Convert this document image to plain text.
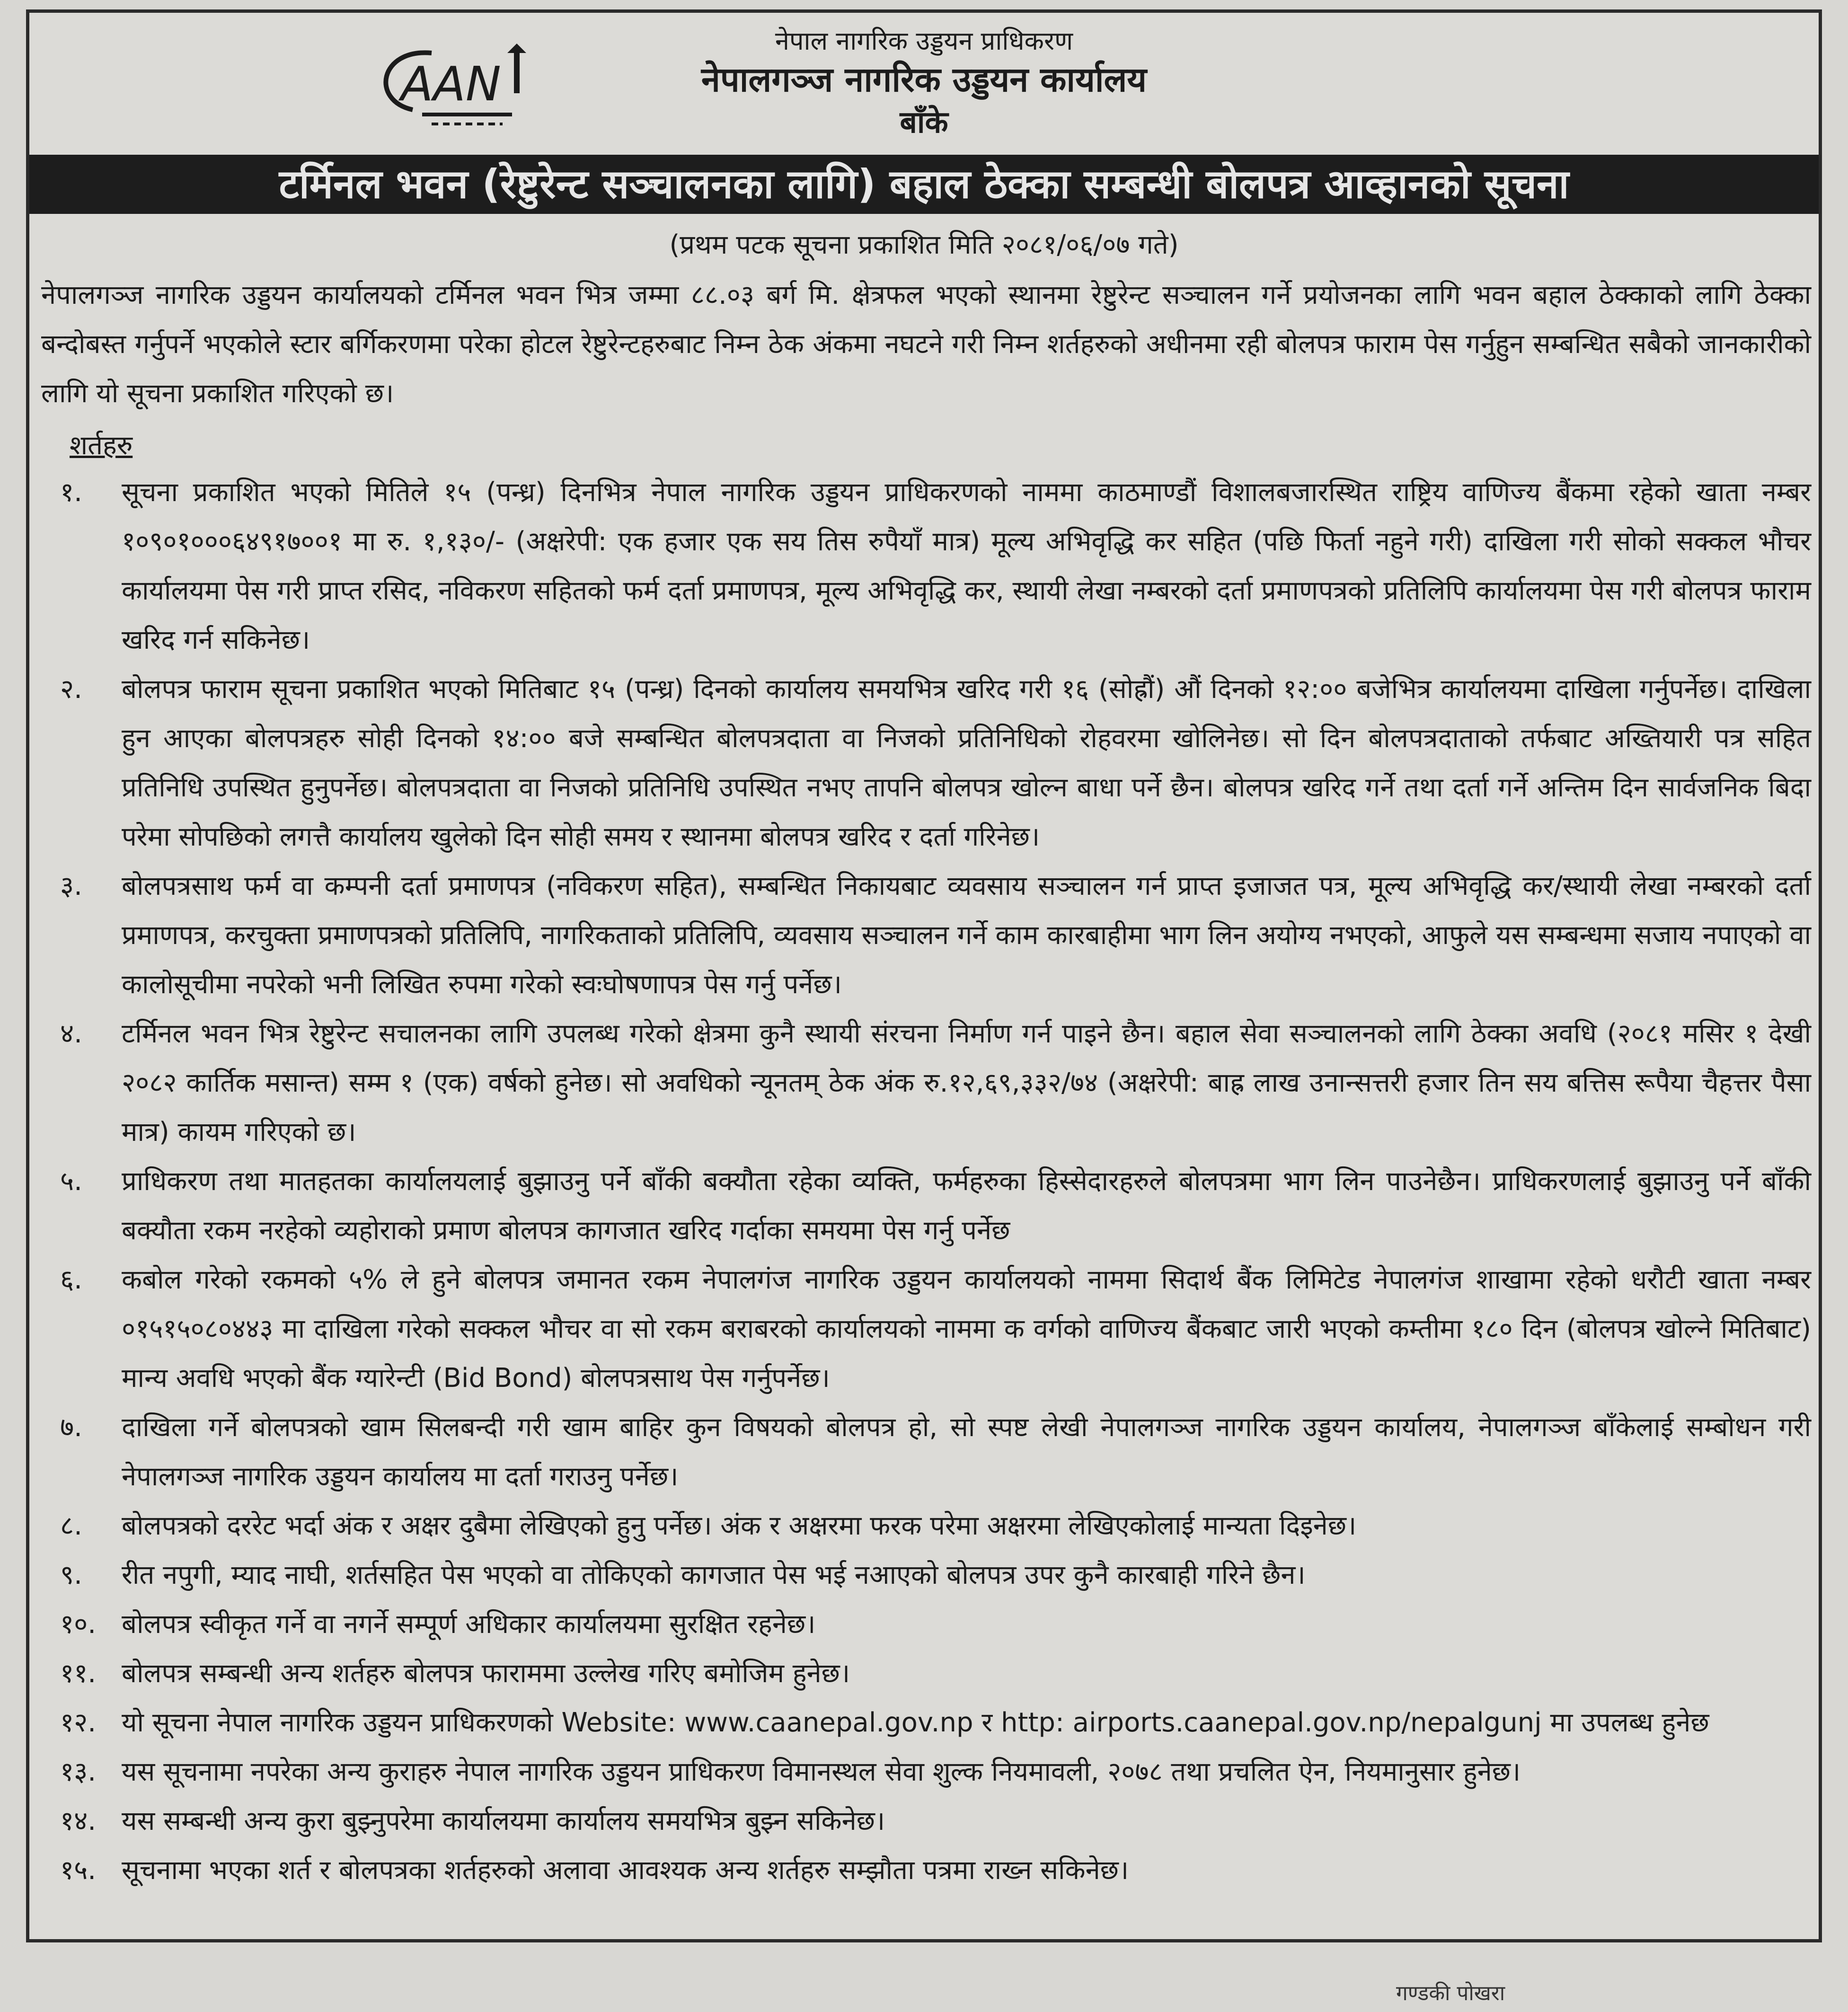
AAN
नेपाल नागरिक उड्डयन प्राधिकरण
नेपालगञ्ज नागरिक उड्डयन कार्यालय
बाँके
टर्मिनल भवन (रेष्टुरेन्ट सञ्चालनका लागि) बहाल ठेक्का सम्बन्धी बोलपत्र आव्हानको सूचना
(प्रथम पटक सूचना प्रकाशित मिति २०८१/०६/०७ गते)

नेपालगञ्ज नागरिक उड्डयन कार्यालयको टर्मिनल भवन भित्र जम्मा ८८.०३ बर्ग मि. क्षेत्रफल भएको स्थानमा रेष्टुरेन्ट सञ्चालन गर्ने प्रयोजनका लागि भवन बहाल ठेक्काको लागि ठेक्का बन्दोबस्त गर्नुपर्ने भएकोले स्टार बर्गिकरणमा परेका होटल रेष्टुरेन्टहरुबाट निम्न ठेक अंकमा नघटने गरी निम्न शर्तहरुको अधीनमा रही बोलपत्र फाराम पेस गर्नुहुन सम्बन्धित सबैको जानकारीको लागि यो सूचना प्रकाशित गरिएको छ।

शर्तहरु
१.	सूचना प्रकाशित भएको मितिले १५ (पन्ध्र) दिनभित्र नेपाल नागरिक उड्डयन प्राधिकरणको नाममा काठमाण्डौं विशालबजारस्थित राष्ट्रिय वाणिज्य बैंकमा रहेको खाता नम्बर १०९०१०००६४९१७००१ मा रु. १,१३०/- (अक्षरेपी: एक हजार एक सय तिस रुपैयाँ मात्र) मूल्य अभिवृद्धि कर सहित (पछि फिर्ता नहुने गरी) दाखिला गरी सोको सक्कल भौचर कार्यालयमा पेस गरी प्राप्त रसिद, नविकरण सहितको फर्म दर्ता प्रमाणपत्र, मूल्य अभिवृद्धि कर, स्थायी लेखा नम्बरको दर्ता प्रमाणपत्रको प्रतिलिपि कार्यालयमा पेस गरी बोलपत्र फाराम खरिद गर्न सकिनेछ।
२.	बोलपत्र फाराम सूचना प्रकाशित भएको मितिबाट १५ (पन्ध्र) दिनको कार्यालय समयभित्र खरिद गरी १६ (सोह्रौं) औं दिनको १२:०० बजेभित्र कार्यालयमा दाखिला गर्नुपर्नेछ। दाखिला हुन आएका बोलपत्रहरु सोही दिनको १४:०० बजे सम्बन्धित बोलपत्रदाता वा निजको प्रतिनिधिको रोहवरमा खोलिनेछ। सो दिन बोलपत्रदाताको तर्फबाट अख्तियारी पत्र सहित प्रतिनिधि उपस्थित हुनुपर्नेछ। बोलपत्रदाता वा निजको प्रतिनिधि उपस्थित नभए तापनि बोलपत्र खोल्न बाधा पर्ने छैन। बोलपत्र खरिद गर्ने तथा दर्ता गर्ने अन्तिम दिन सार्वजनिक बिदा परेमा सोपछिको लगत्तै कार्यालय खुलेको दिन सोही समय र स्थानमा बोलपत्र खरिद र दर्ता गरिनेछ।
३.	बोलपत्रसाथ फर्म वा कम्पनी दर्ता प्रमाणपत्र (नविकरण सहित), सम्बन्धित निकायबाट व्यवसाय सञ्चालन गर्न प्राप्त इजाजत पत्र, मूल्य अभिवृद्धि कर/स्थायी लेखा नम्बरको दर्ता प्रमाणपत्र, करचुक्ता प्रमाणपत्रको प्रतिलिपि, नागरिकताको प्रतिलिपि, व्यवसाय सञ्चालन गर्ने काम कारबाहीमा भाग लिन अयोग्य नभएको, आफुले यस सम्बन्धमा सजाय नपाएको वा कालोसूचीमा नपरेको भनी लिखित रुपमा गरेको स्वःघोषणापत्र पेस गर्नु पर्नेछ।
४.	टर्मिनल भवन भित्र रेष्टुरेन्ट सचालनका लागि उपलब्ध गरेको क्षेत्रमा कुनै स्थायी संरचना निर्माण गर्न पाइने छैन। बहाल सेवा सञ्चालनको लागि ठेक्का अवधि (२०८१ मसिर १ देखी २०८२ कार्तिक मसान्त) सम्म १ (एक) वर्षको हुनेछ। सो अवधिको न्यूनतम् ठेक अंक रु.१२,६९,३३२/७४ (अक्षरेपी: बाह्र लाख उनान्सत्तरी हजार तिन सय बत्तिस रूपैया चैहत्तर पैसा मात्र) कायम गरिएको छ।
५.	प्राधिकरण तथा मातहतका कार्यालयलाई बुझाउनु पर्ने बाँकी बक्यौता रहेका व्यक्ति, फर्महरुका हिस्सेदारहरुले बोलपत्रमा भाग लिन पाउनेछैन। प्राधिकरणलाई बुझाउनु पर्ने बाँकी बक्यौता रकम नरहेको व्यहोराको प्रमाण बोलपत्र कागजात खरिद गर्दाका समयमा पेस गर्नु पर्नेछ
६.	कबोल गरेको रकमको ५% ले हुने बोलपत्र जमानत रकम नेपालगंज नागरिक उड्डयन कार्यालयको नाममा सिदार्थ बैंक लिमिटेड नेपालगंज शाखामा रहेको धरौटी खाता नम्बर ०१५१५०८०४४३ मा दाखिला गरेको सक्कल भौचर वा सो रकम बराबरको कार्यालयको नाममा क वर्गको वाणिज्य बैंकबाट जारी भएको कम्तीमा १८० दिन (बोलपत्र खोल्ने मितिबाट) मान्य अवधि भएको बैंक ग्यारेन्टी (Bid Bond) बोलपत्रसाथ पेस गर्नुपर्नेछ।
७.	दाखिला गर्ने बोलपत्रको खाम सिलबन्दी गरी खाम बाहिर कुन विषयको बोलपत्र हो, सो स्पष्ट लेखी नेपालगञ्ज नागरिक उड्डयन कार्यालय, नेपालगञ्ज बाँकेलाई सम्बोधन गरी नेपालगञ्ज नागरिक उड्डयन कार्यालय मा दर्ता गराउनु पर्नेछ।
८.	बोलपत्रको दररेट भर्दा अंक र अक्षर दुबैमा लेखिएको हुनु पर्नेछ। अंक र अक्षरमा फरक परेमा अक्षरमा लेखिएकोलाई मान्यता दिइनेछ।
९.	रीत नपुगी, म्याद नाघी, शर्तसहित पेस भएको वा तोकिएको कागजात पेस भई नआएको बोलपत्र उपर कुनै कारबाही गरिने छैन।
१०. बोलपत्र स्वीकृत गर्ने वा नगर्ने सम्पूर्ण अधिकार कार्यालयमा सुरक्षित रहनेछ।
११. बोलपत्र सम्बन्धी अन्य शर्तहरु बोलपत्र फाराममा उल्लेख गरिए बमोजिम हुनेछ।
१२. यो सूचना नेपाल नागरिक उड्डयन प्राधिकरणको Website: www.caanepal.gov.np र http: airports.caanepal.gov.np/nepalgunj मा उपलब्ध हुनेछ
१३. यस सूचनामा नपरेका अन्य कुराहरु नेपाल नागरिक उड्डयन प्राधिकरण विमानस्थल सेवा शुल्क नियमावली, २०७८ तथा प्रचलित ऐन, नियमानुसार हुनेछ।
१४. यस सम्बन्धी अन्य कुरा बुझ्नुपरेमा कार्यालयमा कार्यालय समयभित्र बुझ्न सकिनेछ।
१५. सूचनामा भएका शर्त र बोलपत्रका शर्तहरुको अलावा आवश्यक अन्य शर्तहरु सम्झौता पत्रमा राख्न सकिनेछ।
गण्डकी पोखरा
